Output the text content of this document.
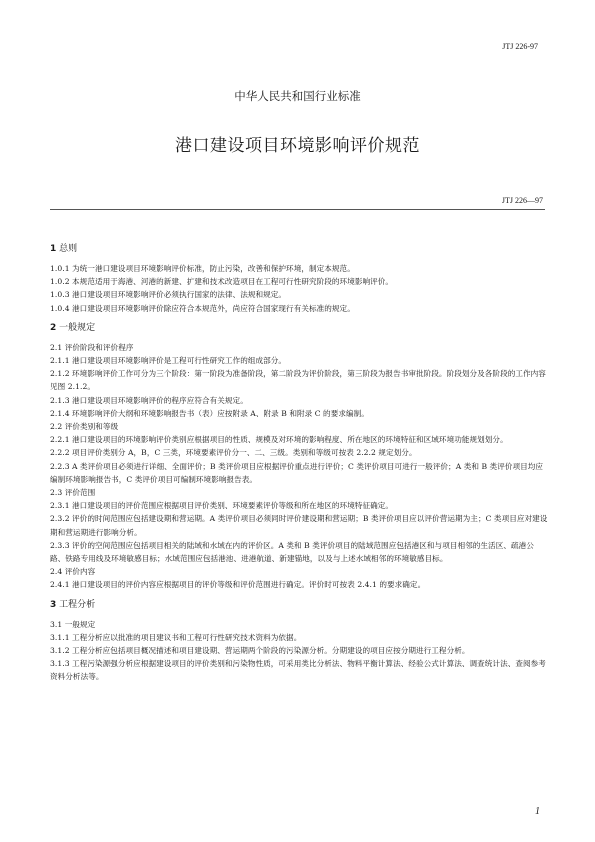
JTJ 226-97
中华人民共和国行业标准
港口建设项目环境影响评价规范
JTJ 226—97
1 总则

1.0.1 为统一港口建设项目环境影响评价标准，防止污染，改善和保护环境，制定本规范。

1.0.2 本规范适用于海港、河港的新建、扩建和技术改造项目在工程可行性研究阶段的环境影响评价。

1.0.3 港口建设项目环境影响评价必须执行国家的法律、法规和规定。

1.0.4 港口建设项目环境影响评价除应符合本规范外，尚应符合国家现行有关标准的规定。

2 一般规定

2.1 评价阶段和评价程序

2.1.1 港口建设项目环境影响评价是工程可行性研究工作的组成部分。

2.1.2 环境影响评价工作可分为三个阶段：第一阶段为准备阶段，第二阶段为评价阶段，第三阶段为报告书审批阶段。阶段划分及各阶段的工作内容见图 2.1.2。

2.1.3 港口建设项目环境影响评价的程序应符合有关规定。

2.1.4 环境影响评价大纲和环境影响报告书（表）应按附录 A、附录 B 和附录 C 的要求编制。

2.2 评价类别和等级

2.2.1 港口建设项目的环境影响评价类别应根据项目的性质、规模及对环境的影响程度、所在地区的环境特征和区域环境功能规划划分。

2.2.2 项目评价类别分 A，B，C 三类，环境要素评价分一、二、三级。类别和等级可按表 2.2.2 规定划分。

2.2.3 A 类评价项目必须进行详细、全面评价；B 类评价项目应根据评价重点进行评价；C 类评价项目可进行一般评价；A 类和 B 类评价项目均应编制环境影响报告书，C 类评价项目可编制环境影响报告表。

2.3 评价范围

2.3.1 港口建设项目的评价范围应根据项目评价类别、环境要素评价等级和所在地区的环境特征确定。

2.3.2 评价的时间范围应包括建设期和营运期。A 类评价项目必须同时评价建设期和营运期；B 类评价项目应以评价营运期为主；C 类项目应对建设期和营运期进行影响分析。

2.3.3 评价的空间范围应包括项目相关的陆域和水域在内的评价区。A 类和 B 类评价项目的陆域范围应包括港区和与项目相邻的生活区、疏港公路、铁路专用线及环境敏感目标；水域范围应包括港池、进港航道、新建锚地，以及与上述水域相邻的环境敏感目标。

2.4 评价内容

2.4.1 港口建设项目的评价内容应根据项目的评价等级和评价范围进行确定。评价时可按表 2.4.1 的要求确定。

3 工程分析

3.1 一般规定

3.1.1 工程分析应以批准的项目建议书和工程可行性研究技术资料为依据。

3.1.2 工程分析应包括项目概况描述和项目建设期、营运期两个阶段的污染源分析。分期建设的项目应按分期进行工程分析。

3.1.3 工程污染源强分析应根据建设项目的评价类别和污染物性质，可采用类比分析法、物料平衡计算法、经验公式计算法、调查统计法、查阅参考资料分析法等。

1
